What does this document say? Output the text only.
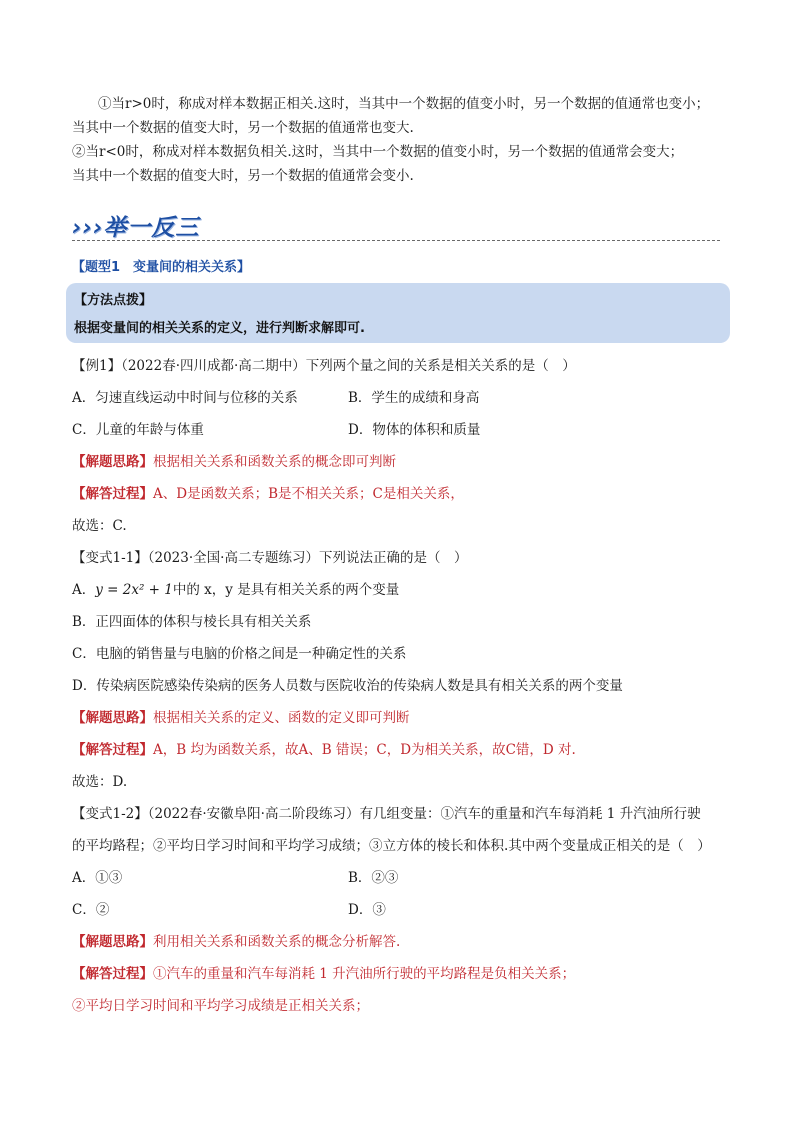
①当r>0时，称成对样本数据正相关.这时，当其中一个数据的值变小时，另一个数据的值通常也变小；
当其中一个数据的值变大时，另一个数据的值通常也变大.
②当r<0时，称成对样本数据负相关.这时，当其中一个数据的值变小时，另一个数据的值通常会变大；
当其中一个数据的值变大时，另一个数据的值通常会变小.
›››举一反三
【题型1　变量间的相关关系】
【方法点拨】
根据变量间的相关关系的定义，进行判断求解即可.
【例1】（2022春·四川成都·高二期中）下列两个量之间的关系是相关关系的是（　）
A．匀速直线运动中时间与位移的关系	B．学生的成绩和身高
C．儿童的年龄与体重	D．物体的体积和质量
【解题思路】根据相关关系和函数关系的概念即可判断
【解答过程】A、D是函数关系；B是不相关关系；C是相关关系，
故选：C.
【变式1-1】（2023·全国·高二专题练习）下列说法正确的是（　）
A．y = 2x² + 1中的 x，y 是具有相关关系的两个变量
B．正四面体的体积与棱长具有相关关系
C．电脑的销售量与电脑的价格之间是一种确定性的关系
D．传染病医院感染传染病的医务人员数与医院收治的传染病人数是具有相关关系的两个变量
【解题思路】根据相关关系的定义、函数的定义即可判断
【解答过程】A，B 均为函数关系，故A、B 错误；C，D为相关关系，故C错，D 对.
故选：D.
【变式1-2】（2022春·安徽阜阳·高二阶段练习）有几组变量：①汽车的重量和汽车每消耗 1 升汽油所行驶
的平均路程；②平均日学习时间和平均学习成绩；③立方体的棱长和体积.其中两个变量成正相关的是（　）
A．①③	B．②③
C．②	D．③
【解题思路】利用相关关系和函数关系的概念分析解答.
【解答过程】①汽车的重量和汽车每消耗 1 升汽油所行驶的平均路程是负相关关系；
②平均日学习时间和平均学习成绩是正相关关系；
